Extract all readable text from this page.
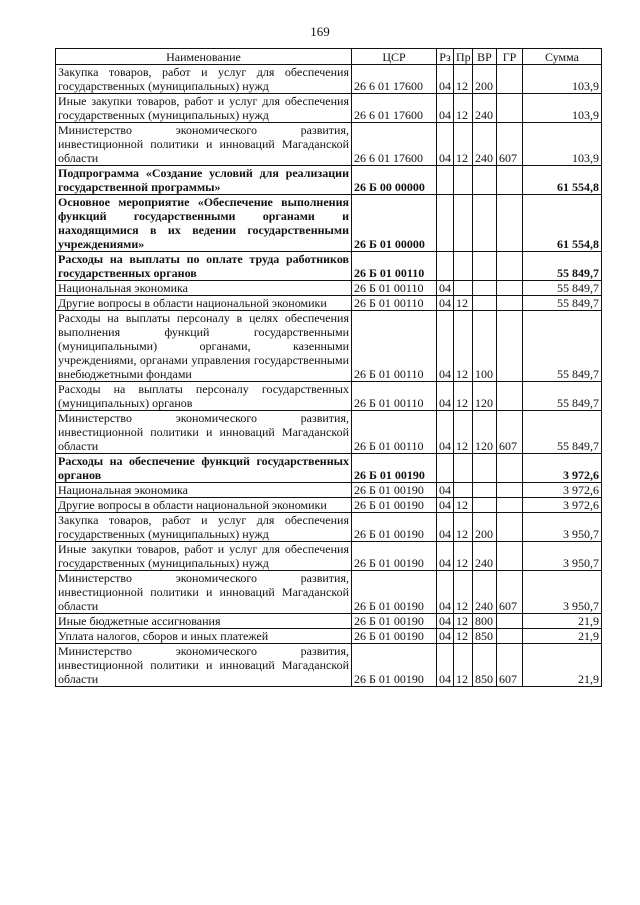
169
Наименование	ЦСР	Рз	Пр	ВР	ГР	Сумма
Закупка товаров, работ и услуг для обеспечения государственных (муниципальных) нужд	26 6 01 17600	04	12	200		103,9
Иные закупки товаров, работ и услуг для обеспечения государственных (муниципальных) нужд	26 6 01 17600	04	12	240		103,9
Министерство экономического развития, инвестиционной политики и инноваций Магаданской области	26 6 01 17600	04	12	240	607	103,9
Подпрограмма «Создание условий для реализации государственной программы»	26 Б 00 00000					61 554,8
Основное мероприятие «Обеспечение выполнения функций государственными органами и находящимися в их ведении государственными учреждениями»	26 Б 01 00000					61 554,8
Расходы на выплаты по оплате труда работников государственных органов	26 Б 01 00110					55 849,7
Национальная экономика	26 Б 01 00110	04				55 849,7
Другие вопросы в области национальной экономики	26 Б 01 00110	04	12			55 849,7
Расходы на выплаты персоналу в целях обеспечения выполнения функций государственными (муниципальными) органами, казенными учреждениями, органами управления государственными внебюджетными фондами	26 Б 01 00110	04	12	100		55 849,7
Расходы на выплаты персоналу государственных (муниципальных) органов	26 Б 01 00110	04	12	120		55 849,7
Министерство экономического развития, инвестиционной политики и инноваций Магаданской области	26 Б 01 00110	04	12	120	607	55 849,7
Расходы на обеспечение функций государственных органов	26 Б 01 00190					3 972,6
Национальная экономика	26 Б 01 00190	04				3 972,6
Другие вопросы в области национальной экономики	26 Б 01 00190	04	12			3 972,6
Закупка товаров, работ и услуг для обеспечения государственных (муниципальных) нужд	26 Б 01 00190	04	12	200		3 950,7
Иные закупки товаров, работ и услуг для обеспечения государственных (муниципальных) нужд	26 Б 01 00190	04	12	240		3 950,7
Министерство экономического развития, инвестиционной политики и инноваций Магаданской области	26 Б 01 00190	04	12	240	607	3 950,7
Иные бюджетные ассигнования	26 Б 01 00190	04	12	800		21,9
Уплата налогов, сборов и иных платежей	26 Б 01 00190	04	12	850		21,9
Министерство экономического развития, инвестиционной политики и инноваций Магаданской области	26 Б 01 00190	04	12	850	607	21,9
